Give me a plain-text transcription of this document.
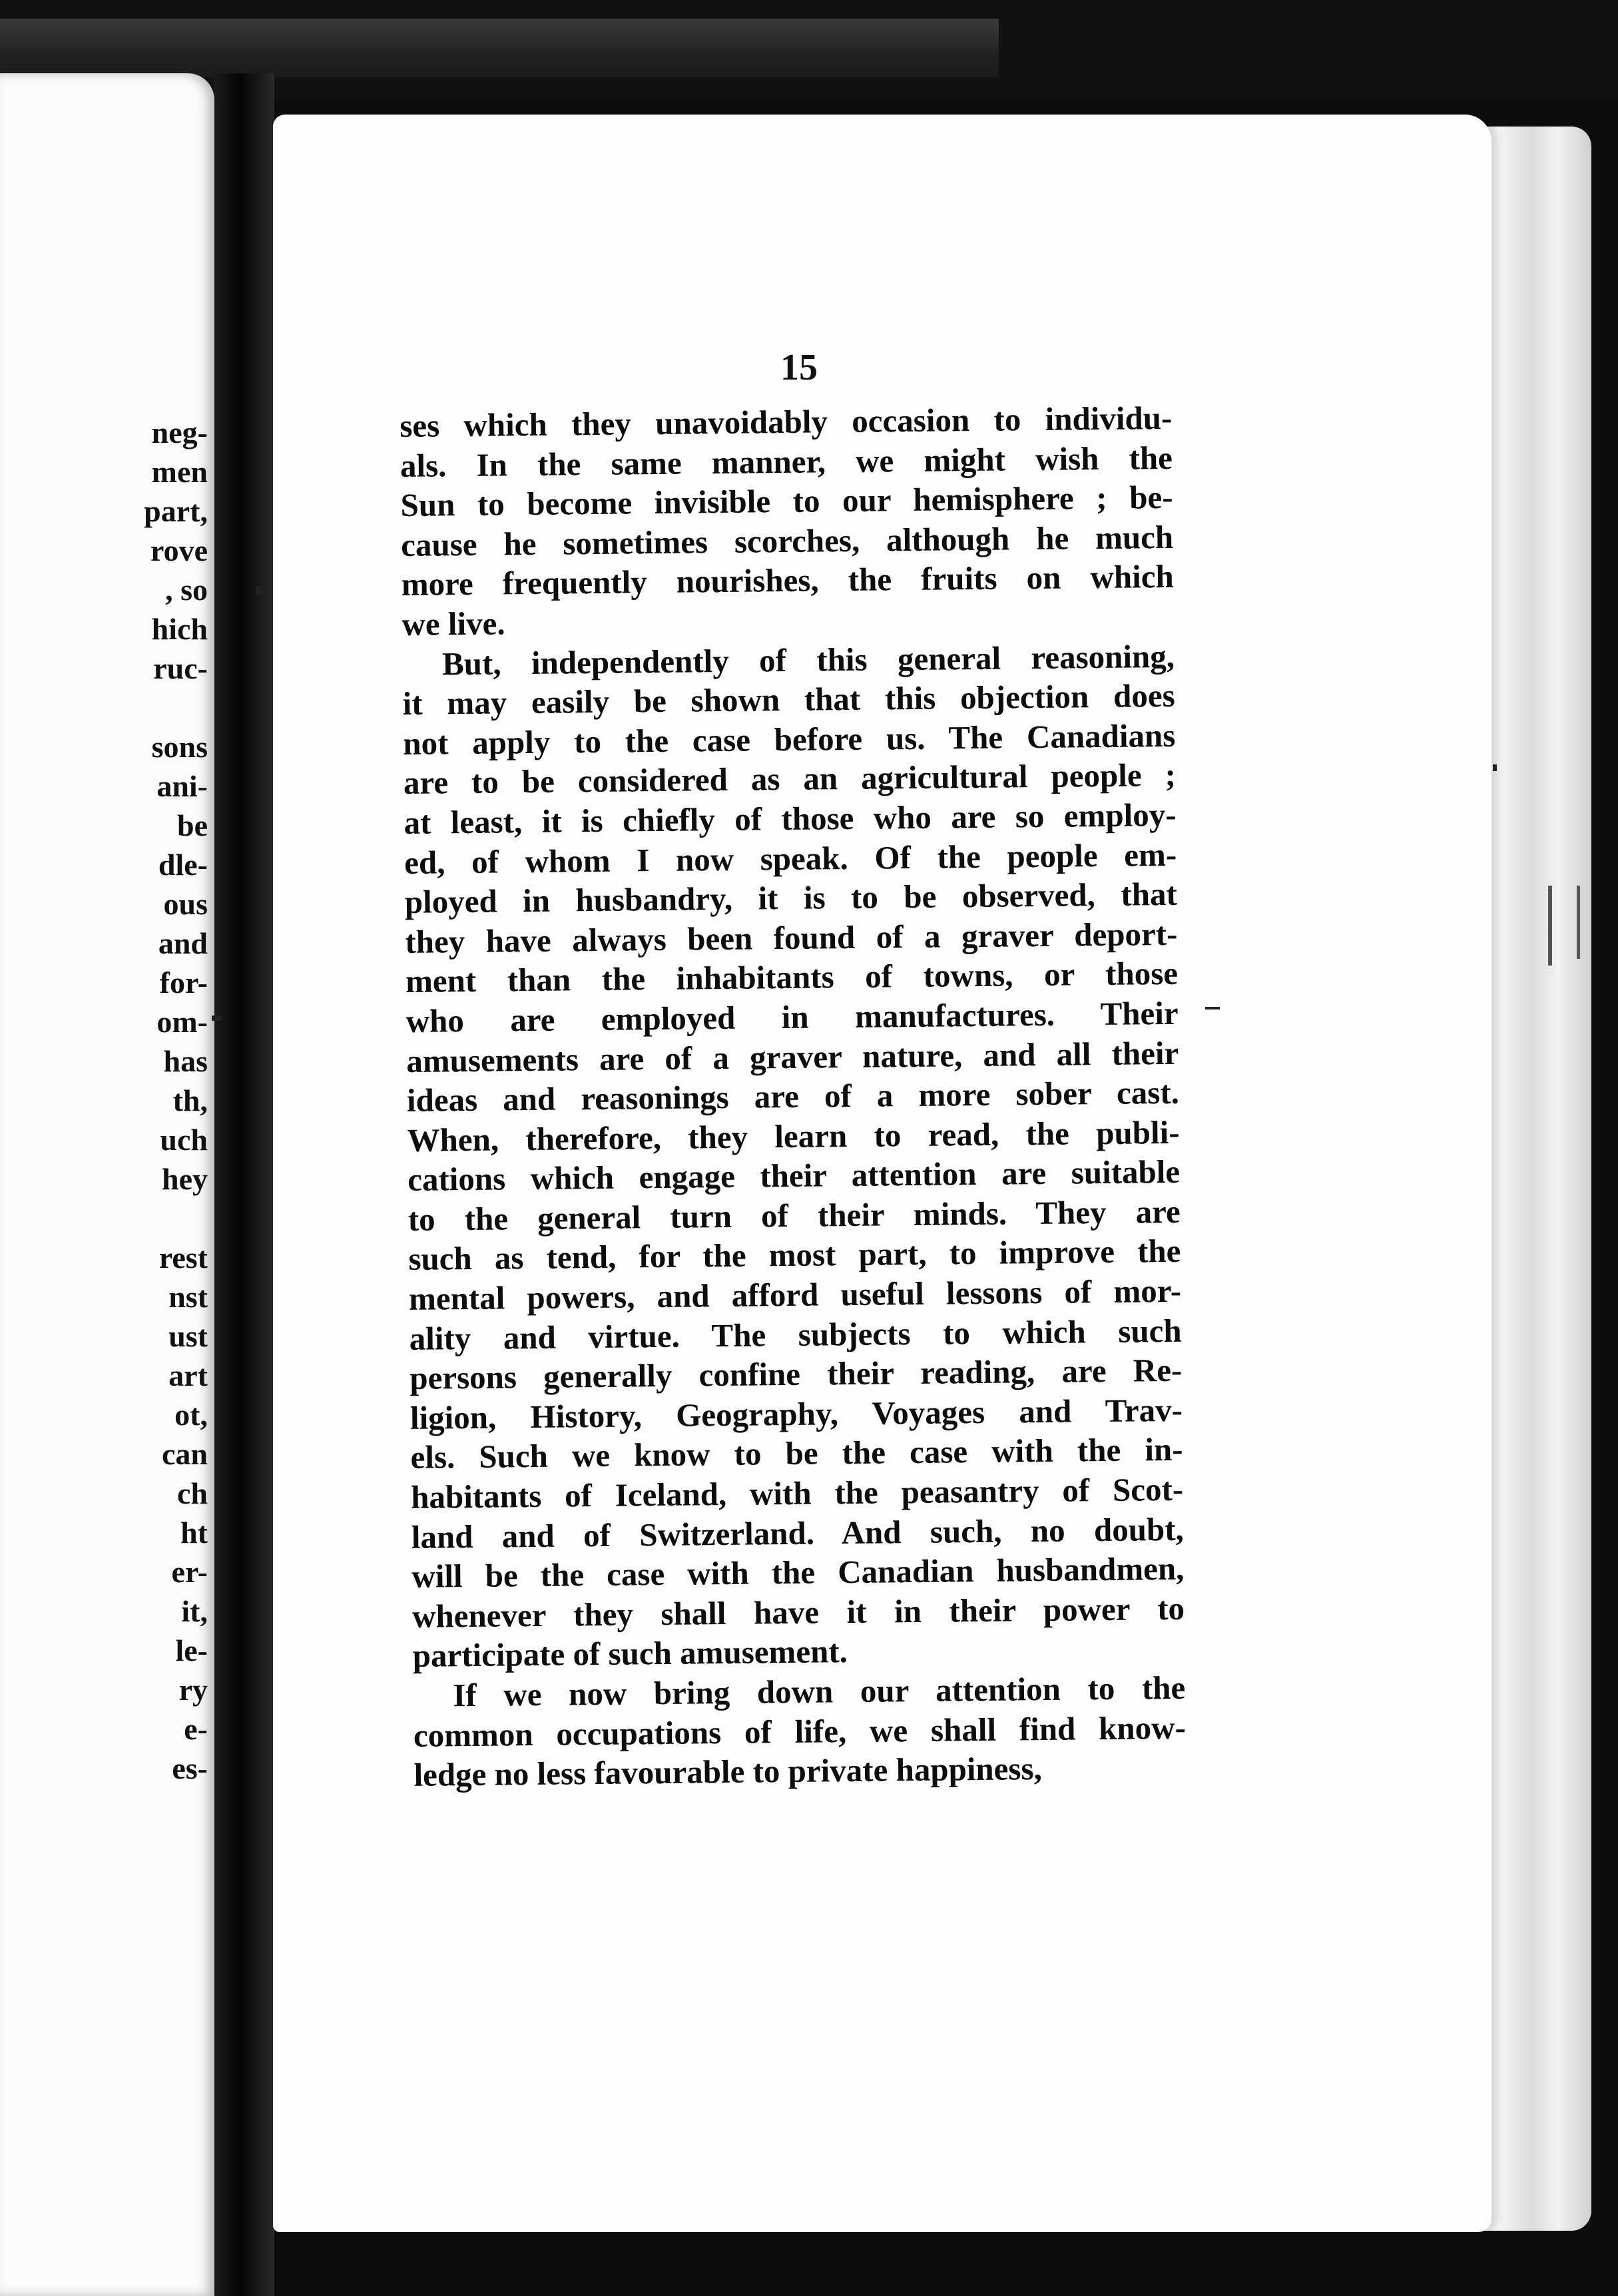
neg-
men
part,
rove
, so
hich
ruc-
sons
ani-
be
dle-
ous
and
for-
om-
has
th,
uch
hey
rest
nst
ust
art
ot,
can
ch
ht
er-
it,
le-
ry
e-
es-
15
ses which they unavoidably occasion to individu-
als. In the same manner, we might wish the
Sun to become invisible to our hemisphere ; be-
cause he sometimes scorches, although he much
more frequently nourishes, the fruits on which
we live.
But, independently of this general reasoning,
it may easily be shown that this objection does
not apply to the case before us. The Canadians
are to be considered as an agricultural people ;
at least, it is chiefly of those who are so employ-
ed, of whom I now speak. Of the people em-
ployed in husbandry, it is to be observed, that
they have always been found of a graver deport-
ment than the inhabitants of towns, or those
who are employed in manufactures. Their
amusements are of a graver nature, and all their
ideas and reasonings are of a more sober cast.
When, therefore, they learn to read, the publi-
cations which engage their attention are suitable
to the general turn of their minds. They are
such as tend, for the most part, to improve the
mental powers, and afford useful lessons of mor-
ality and virtue. The subjects to which such
persons generally confine their reading, are Re-
ligion, History, Geography, Voyages and Trav-
els. Such we know to be the case with the in-
habitants of Iceland, with the peasantry of Scot-
land and of Switzerland. And such, no doubt,
will be the case with the Canadian husbandmen,
whenever they shall have it in their power to
participate of such amusement.
If we now bring down our attention to the
common occupations of life, we shall find know-
ledge no less favourable to private happiness,
